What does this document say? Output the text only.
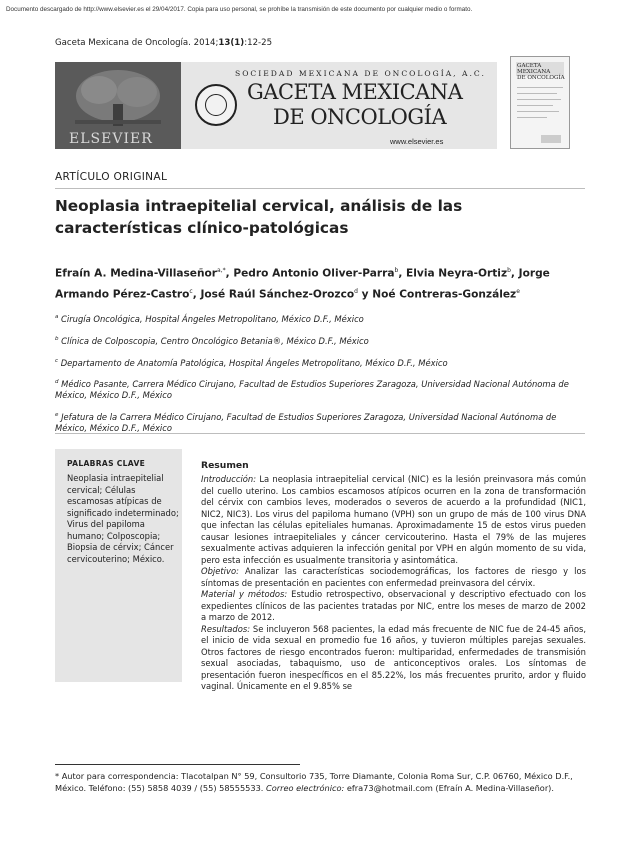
Documento descargado de http://www.elsevier.es el 29/04/2017. Copia para uso personal, se prohíbe la transmisión de este documento por cualquier medio o formato.
Gaceta Mexicana de Oncología. 2014;13(1):12-25
ELSEVIER
SOCIEDAD MEXICANA DE ONCOLOGÍA, A.C.
GACETA MEXICANA
DE ONCOLOGÍA
www.elsevier.es
GACETA MEXICANA
DE ONCOLOGÍA
ARTÍCULO ORIGINAL
Neoplasia intraepitelial cervical, análisis de las características clínico-patológicas
Efraín A. Medina-Villaseñor$^{a,*}$, Pedro Antonio Oliver-Parra$^b$, Elvia Neyra-Ortiz$^b$, Jorge Armando Pérez-Castro$^c$, José Raúl Sánchez-Orozco$^d$ y Noé Contreras-González$^e$
$^a$ Cirugía Oncológica, Hospital Ángeles Metropolitano, México D.F., México
$^b$ Clínica de Colposcopia, Centro Oncológico Betania®, México D.F., México
$^c$ Departamento de Anatomía Patológica, Hospital Ángeles Metropolitano, México D.F., México
$^d$ Médico Pasante, Carrera Médico Cirujano, Facultad de Estudios Superiores Zaragoza, Universidad Nacional Autónoma de México, México D.F., México
$^e$ Jefatura de la Carrera Médico Cirujano, Facultad de Estudios Superiores Zaragoza, Universidad Nacional Autónoma de México, México D.F., México
PALABRAS CLAVE
Neoplasia intraepitelial cervical; Células escamosas atípicas de significado indeterminado; Virus del papiloma humano; Colposcopia; Biopsia de cérvix; Cáncer cervicouterino; México.
Resumen

Introducción: La neoplasia intraepitelial cervical (NIC) es la lesión preinvasora más común del cuello uterino. Los cambios escamosos atípicos ocurren en la zona de transformación del cérvix con cambios leves, moderados o severos de acuerdo a la profundidad (NIC1, NIC2, NIC3). Los virus del papiloma humano (VPH) son un grupo de más de 100 virus DNA que infectan las células epiteliales humanas. Aproximadamente 15 de estos virus pueden causar lesiones intraepiteliales y cáncer cervicouterino. Hasta el 79% de las mujeres sexualmente activas adquieren la infección genital por VPH en algún momento de su vida, pero esta infección es usualmente transitoria y asintomática.

Objetivo: Analizar las características sociodemográficas, los factores de riesgo y los síntomas de presentación en pacientes con enfermedad preinvasora del cérvix.

Material y métodos: Estudio retrospectivo, observacional y descriptivo efectuado con los expedientes clínicos de las pacientes tratadas por NIC, entre los meses de marzo de 2002 a marzo de 2012.

Resultados: Se incluyeron 568 pacientes, la edad más frecuente de NIC fue de 24-45 años, el inicio de vida sexual en promedio fue 16 años, y tuvieron múltiples parejas sexuales. Otros factores de riesgo encontrados fueron: multiparidad, enfermedades de transmisión sexual asociadas, tabaquismo, uso de anticonceptivos orales. Los síntomas de presentación fueron inespecíficos en el 85.22%, los más frecuentes prurito, ardor y fluido vaginal. Únicamente en el 9.85% se

* Autor para correspondencia: Tlacotalpan N° 59, Consultorio 735, Torre Diamante, Colonia Roma Sur, C.P. 06760, México D.F., México. Teléfono: (55) 5858 4039 / (55) 58555533. Correo electrónico: efra73@hotmail.com (Efraín A. Medina-Villaseñor).
